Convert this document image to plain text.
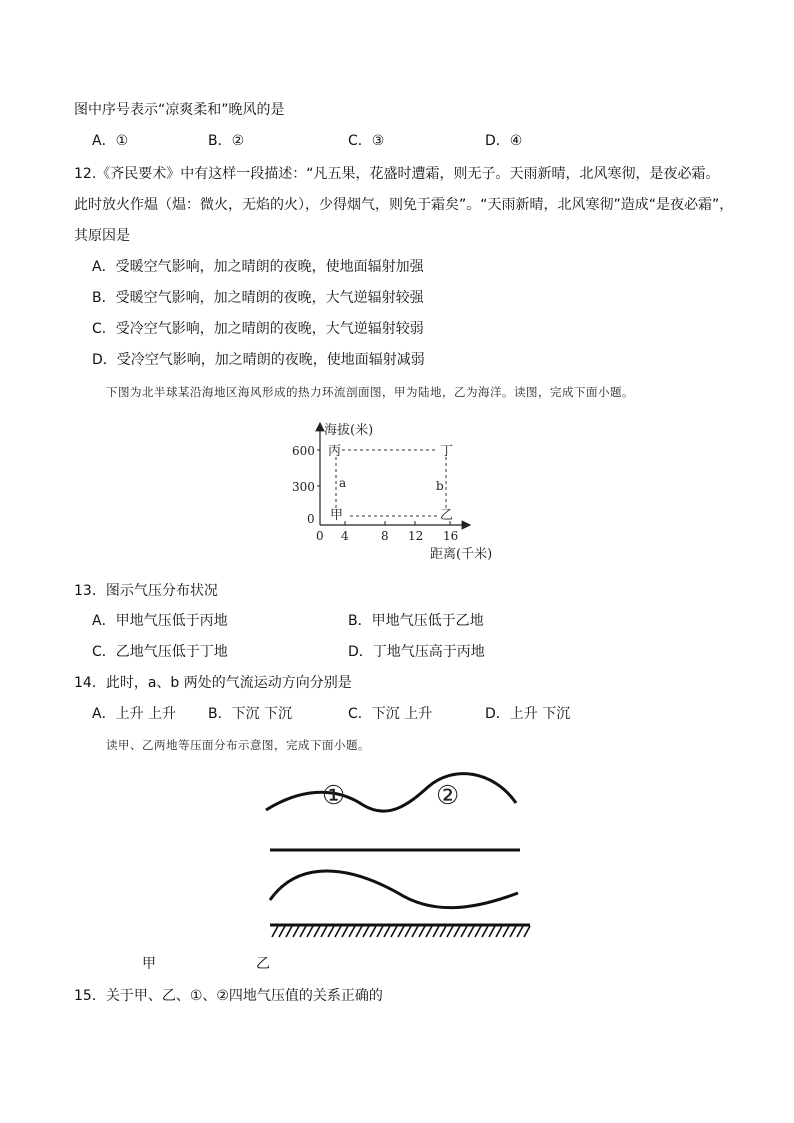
图中序号表示“凉爽柔和”晚风的是
A．①	B．②	C．③	D．④
12.《齐民要术》中有这样一段描述：“凡五果，花盛时遭霜，则无子。天雨新晴，北风寒彻，是夜必霜。
此时放火作煴（煴：微火，无焰的火），少得烟气，则免于霜矣”。“天雨新晴，北风寒彻”造成“是夜必霜”，
其原因是
A．受暖空气影响，加之晴朗的夜晚，使地面辐射加强
B．受暖空气影响，加之晴朗的夜晚，大气逆辐射较强
C．受冷空气影响，加之晴朗的夜晚，大气逆辐射较弱
D．受冷空气影响，加之晴朗的夜晚，使地面辐射减弱
下图为北半球某沿海地区海风形成的热力环流剖面图，甲为陆地，乙为海洋。读图，完成下面小题。
海拔(米)
600
300
0
0 4	8 12 16
距离(千米)
丙	丁
甲	乙
a	b
13．图示气压分布状况
A．甲地气压低于丙地	B．甲地气压低于乙地
C．乙地气压低于丁地	D．丁地气压高于丙地
14．此时，a、b 两处的气流运动方向分别是
A．上升 上升 B．下沉 下沉	C．下沉 上升	D．上升 下沉
读甲、乙两地等压面分布示意图，完成下面小题。
①	②
甲	乙
15．关于甲、乙、①、②四地气压值的关系正确的
